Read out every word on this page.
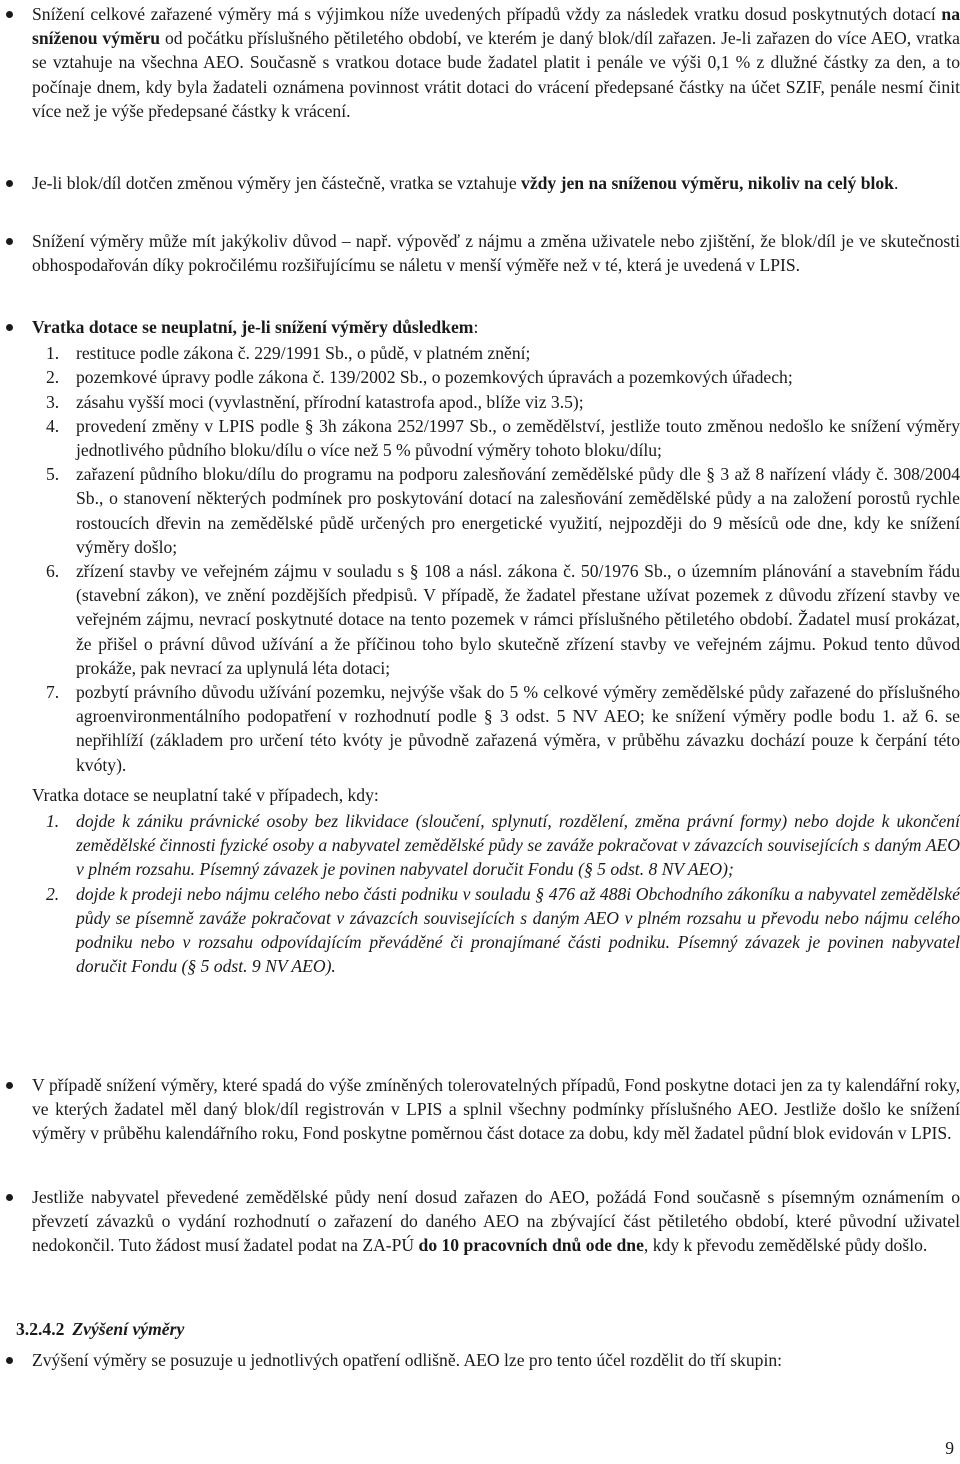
Snížení celkové zařazené výměry má s výjimkou níže uvedených případů vždy za následek vratku dosud poskytnutých dotací na sníženou výměru od počátku příslušného pětiletého období, ve kterém je daný blok/díl zařazen. Je-li zařazen do více AEO, vratka se vztahuje na všechna AEO. Současně s vratkou dotace bude žadatel platit i penále ve výši 0,1 % z dlužné částky za den, a to počínaje dnem, kdy byla žadateli oznámena povinnost vrátit dotaci do vrácení předepsané částky na účet SZIF, penále nesmí činit více než je výše předepsané částky k vrácení.
Je-li blok/díl dotčen změnou výměry jen částečně, vratka se vztahuje vždy jen na sníženou výměru, nikoliv na celý blok.
Snížení výměry může mít jakýkoliv důvod – např. výpověď z nájmu a změna uživatele nebo zjištění, že blok/díl je ve skutečnosti obhospodařován díky pokročilému rozšiřujícímu se náletu v menší výměře než v té, která je uvedená v LPIS.
Vratka dotace se neuplatní, je-li snížení výměry důsledkem:
1. restituce podle zákona č. 229/1991 Sb., o půdě, v platném znění;
2. pozemkové úpravy podle zákona č. 139/2002 Sb., o pozemkových úpravách a pozemkových úřadech;
3. zásahu vyšší moci (vyvlastnění, přírodní katastrofa apod., blíže viz 3.5);
4. provedení změny v LPIS podle § 3h zákona 252/1997 Sb., o zemědělství, jestliže touto změnou nedošlo ke snížení výměry jednotlivého půdního bloku/dílu o více než 5 % původní výměry tohoto bloku/dílu;
5. zařazení půdního bloku/dílu do programu na podporu zalesňování zemědělské půdy dle § 3 až 8 nařízení vlády č. 308/2004 Sb., o stanovení některých podmínek pro poskytování dotací na zalesňování zemědělské půdy a na založení porostů rychle rostoucích dřevin na zemědělské půdě určených pro energetické využití, nejpozději do 9 měsíců ode dne, kdy ke snížení výměry došlo;
6. zřízení stavby ve veřejném zájmu v souladu s § 108 a násl. zákona č. 50/1976 Sb., o územním plánování a stavebním řádu (stavební zákon), ve znění pozdějších předpisů. V případě, že žadatel přestane užívat pozemek z důvodu zřízení stavby ve veřejném zájmu, nevrací poskytnuté dotace na tento pozemek v rámci příslušného pětiletého období. Žadatel musí prokázat, že přišel o právní důvod užívání a že příčinou toho bylo skutečně zřízení stavby ve veřejném zájmu. Pokud tento důvod prokáže, pak nevrací za uplynulá léta dotaci;
7. pozbytí právního důvodu užívání pozemku, nejvýše však do 5 % celkové výměry zemědělské půdy zařazené do příslušného agroenvironmentálního podopatření v rozhodnutí podle § 3 odst. 5 NV AEO; ke snížení výměry podle bodu 1. až 6. se nepřihlíží (základem pro určení této kvóty je původně zařazená výměra, v průběhu závazku dochází pouze k čerpání této kvóty).
Vratka dotace se neuplatní také v případech, kdy:
1. dojde k zániku právnické osoby bez likvidace (sloučení, splynutí, rozdělení, změna právní formy) nebo dojde k ukončení zemědělské činnosti fyzické osoby a nabyvatel zemědělské půdy se zaváže pokračovat v závazcích souvisejících s daným AEO v plném rozsahu. Písemný závazek je povinen nabyvatel doručit Fondu (§ 5 odst. 8 NV AEO);
2. dojde k prodeji nebo nájmu celého nebo části podniku v souladu § 476 až 488i Obchodního zákoníku a nabyvatel zemědělské půdy se písemně zaváže pokračovat v závazcích souvisejících s daným AEO v plném rozsahu u převodu nebo nájmu celého podniku nebo v rozsahu odpovídajícím převáděné či pronajímané části podniku. Písemný závazek je povinen nabyvatel doručit Fondu (§ 5 odst. 9 NV AEO).
V případě snížení výměry, které spadá do výše zmíněných tolerovatelných případů, Fond poskytne dotaci jen za ty kalendářní roky, ve kterých žadatel měl daný blok/díl registrován v LPIS a splnil všechny podmínky příslušného AEO. Jestliže došlo ke snížení výměry v průběhu kalendářního roku, Fond poskytne poměrnou část dotace za dobu, kdy měl žadatel půdní blok evidován v LPIS.
Jestliže nabyvatel převedené zemědělské půdy není dosud zařazen do AEO, požádá Fond současně s písemným oznámením o převzetí závazků o vydání rozhodnutí o zařazení do daného AEO na zbývající část pětiletého období, které původní uživatel nedokončil. Tuto žádost musí žadatel podat na ZA-PÚ do 10 pracovních dnů ode dne, kdy k převodu zemědělské půdy došlo.
3.2.4.2 Zvýšení výměry
Zvýšení výměry se posuzuje u jednotlivých opatření odlišně. AEO lze pro tento účel rozdělit do tří skupin:
9
